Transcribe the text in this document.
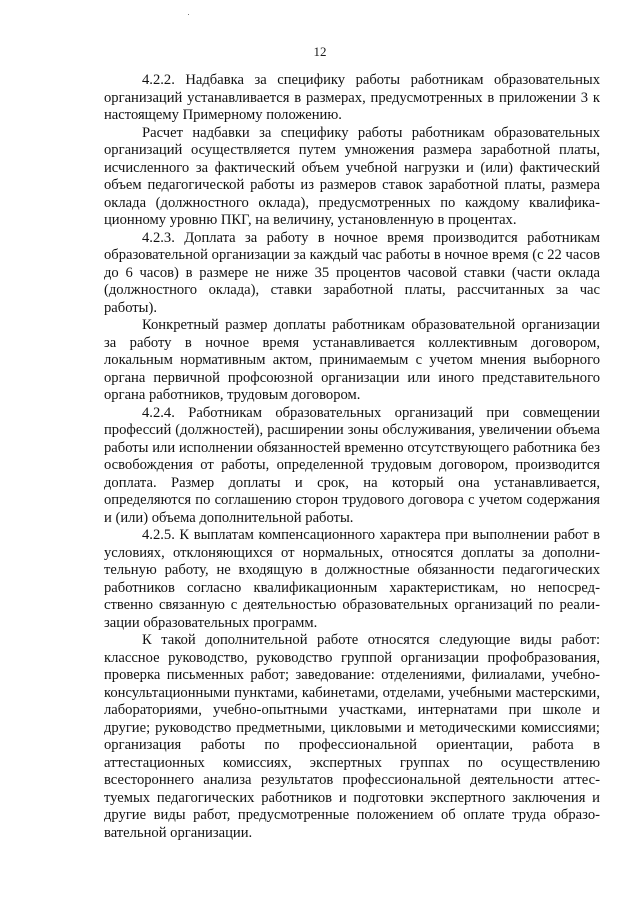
12

4.2.2. Надбавка за специфику работы работникам образовательных организаций устанавливается в размерах, предусмотренных в приложении 3 к настоящему Примерному положению.

Расчет надбавки за специфику работы работникам образовательных организаций осуществляется путем умножения размера заработной платы, исчисленного за фактический объем учебной нагрузки и (или) фактический объем педагогической работы из размеров ставок заработной платы, размера оклада (должностного оклада), предусмотренных по каждому квалификационному уровню ПКГ, на величину, установленную в процентах.

4.2.3. Доплата за работу в ночное время производится работникам образовательной организации за каждый час работы в ночное время (с 22 часов до 6 часов) в размере не ниже 35 процентов часовой ставки (части оклада (должностного оклада), ставки заработной платы, рассчитанных за час работы).

Конкретный размер доплаты работникам образовательной организации за работу в ночное время устанавливается коллективным договором, локальным нормативным актом, принимаемым с учетом мнения выборного органа первичной профсоюзной организации или иного представительного органа работников, трудовым договором.

4.2.4. Работникам образовательных организаций при совмещении профессий (должностей), расширении зоны обслуживания, увеличении объема работы или исполнении обязанностей временно отсутствующего работника без освобождения от работы, определенной трудовым договором, производится доплата. Размер доплаты и срок, на который она устанавливается, определяются по соглашению сторон трудового договора с учетом содержания и (или) объема дополнительной работы.

4.2.5. К выплатам компенсационного характера при выполнении работ в условиях, отклоняющихся от нормальных, относятся доплаты за дополнительную работу, не входящую в должностные обязанности педагогических работников согласно квалификационным характеристикам, но непосредственно связанную с деятельностью образовательных организаций по реализации образовательных программ.

К такой дополнительной работе относятся следующие виды работ: классное руководство, руководство группой организации профобразования, проверка письменных работ; заведование: отделениями, филиалами, учебно-консультационными пунктами, кабинетами, отделами, учебными мастерскими, лабораториями, учебно-опытными участками, интернатами при школе и другие; руководство предметными, цикловыми и методическими комиссиями; организация работы по профессиональной ориентации, работа в аттестационных комиссиях, экспертных группах по осуществлению всестороннего анализа результатов профессиональной деятельности аттестуемых педагогических работников и подготовки экспертного заключения и другие виды работ, предусмотренные положением об оплате труда образовательной организации.
